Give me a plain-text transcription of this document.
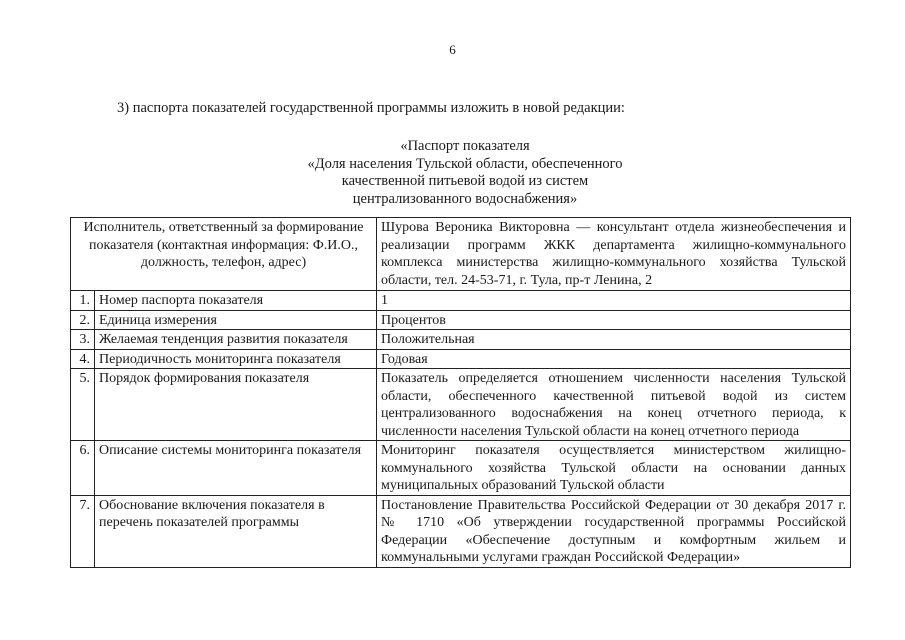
6
3) паспорта показателей государственной программы изложить в новой редакции:
«Паспорт показателя
«Доля населения Тульской области, обеспеченного
качественной питьевой водой из систем
централизованного водоснабжения»
Исполнитель, ответственный за формирование показателя (контактная информация: Ф.И.О., должность, телефон, адрес)		Шурова Вероника Викторовна — консультант отдела жизнеобеспечения и реализации программ ЖКК департамента жилищно-коммунального комплекса министерства жилищно-коммунального хозяйства Тульской области, тел. 24-53-71, г. Тула, пр-т Ленина, 2
1.	Номер паспорта показателя	1
2.	Единица измерения	Процентов
3.	Желаемая тенденция развития показателя	Положительная
4.	Периодичность мониторинга показателя	Годовая
5.	Порядок формирования показателя	Показатель определяется отношением численности населения Тульской области, обеспеченного качественной питьевой водой из систем централизованного водоснабжения на конец отчетного периода, к численности населения Тульской области на конец отчетного периода
6.	Описание системы мониторинга показателя	Мониторинг показателя осуществляется министерством жилищно-коммунального хозяйства Тульской области на основании данных муниципальных образований Тульской области
7.	Обоснование включения показателя в перечень показателей программы	Постановление Правительства Российской Федерации от 30 декабря 2017 г. № 1710 «Об утверждении государственной программы Российской Федерации «Обеспечение доступным и комфортным жильем и коммунальными услугами граждан Российской Федерации»
